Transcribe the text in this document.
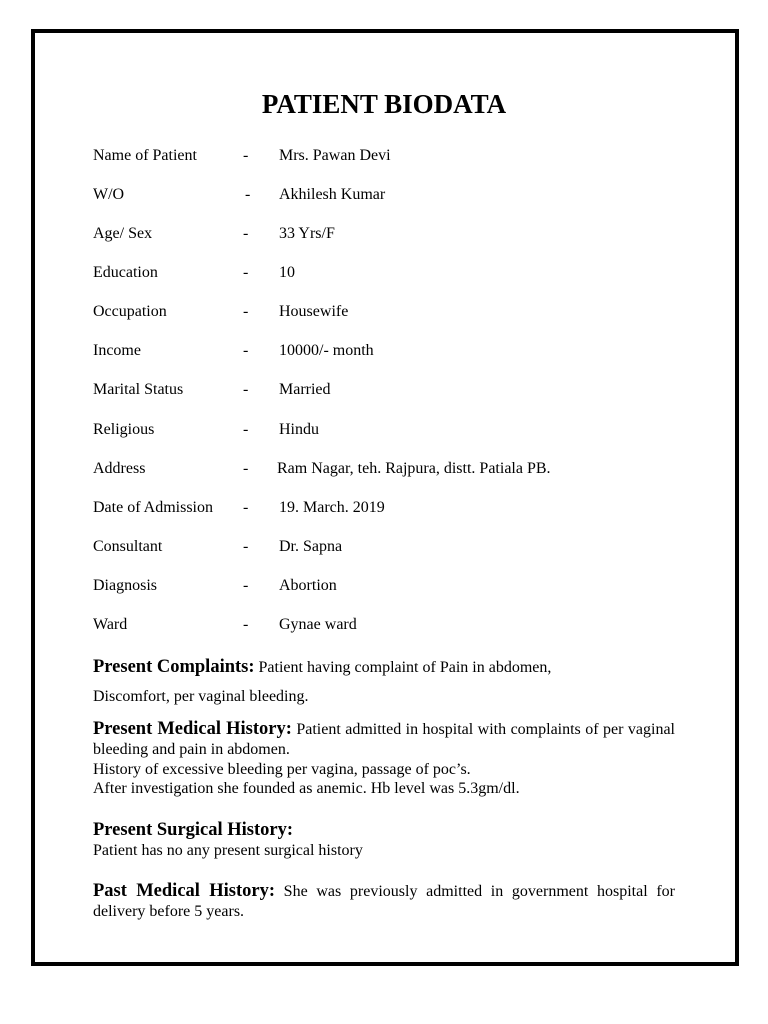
PATIENT BIODATA
Name of Patient	- Mrs. Pawan Devi
W/O	- Akhilesh Kumar
Age/ Sex	- 33 Yrs/F
Education	- 10
Occupation	- Housewife
Income	- 10000/- month
Marital Status	- Married
Religious	- Hindu
Address	- Ram Nagar, teh. Rajpura, distt. Patiala PB.
Date of Admission - 19. March. 2019
Consultant	- Dr. Sapna
Diagnosis	- Abortion
Ward	- Gynae ward

Present Complaints: Patient having complaint of Pain in abdomen,

Discomfort, per vaginal bleeding.

Present Medical History: Patient admitted in hospital with complaints of per vaginal bleeding and pain in abdomen.

History of excessive bleeding per vagina, passage of poc’s.

After investigation she founded as anemic. Hb level was 5.3gm/dl.

Present Surgical History:

Patient has no any present surgical history

Past Medical History: She was previously admitted in government hospital for delivery before 5 years.
